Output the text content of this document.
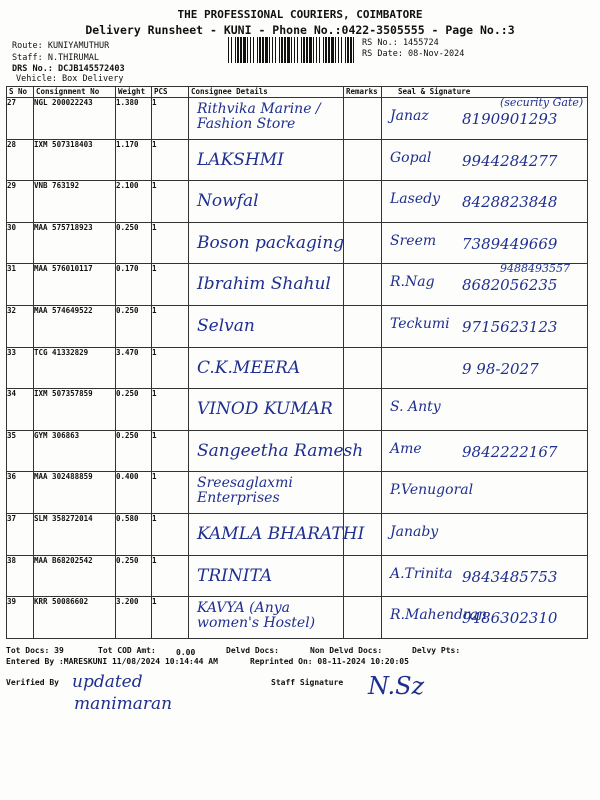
THE PROFESSIONAL COURIERS, COIMBATORE
Delivery Runsheet - KUNI - Phone No.:0422-3505555 - Page No.:3
Route: KUNIYAMUTHUR
Staff: N.THIRUMAL
DRS No.: DCJB145572403
Vehicle: Box Delivery
RS No.: 1455724
RS Date: 08-Nov-2024
S No	Consignment No	Weight	PCS	Consignee Details	Remarks	Seal & Signature
27	NGL 200022243	1.380	1	Rithvika Marine / Fashion Store		Janaz 8190901293
(security Gate)

28	IXM 507318403	1.170	1	LAKSHMI		Gopal 9944284277

29	VNB 763192	2.100	1	Nowfal		Lasedy 8428823848

30	MAA 575718923	0.250	1	Boson packaging		Sreem 7389449669

31	MAA 576010117	0.170	1	Ibrahim Shahul		R.Nag 8682056235
9488493557

32	MAA 574649522	0.250	1	Selvan		Teckumi 9715623123

33	TCG 41332829	3.470	1	C.K.MEERA		9 98-2027

34	IXM 507357859	0.250	1	VINOD KUMAR		S. Anty

35	GYM 306863	0.250	1	Sangeetha Ramesh		Ame 9842222167

36	MAA 302488859	0.400	1	Sreesaglaxmi Enterprises		P.Venugoral

37	SLM 358272014	0.580	1	KAMLA BHARATHI		Janaby

38	MAA B68202542	0.250	1	TRINITA		A.Trinita 9843485753

39	KRR 50086602	3.200	1	KAVYA (Anya women's Hostel)		R.Mahendran
9486302310
Tot Docs: 39	Tot COD Amt:	0.00	Delvd Docs:	Non Delvd Docs:	Delvy Pts:
Entered By :MARESKUNI 11/08/2024 10:14:44 AM	Reprinted On: 08-11-2024 10:20:05
Verified By updated
manimaran
Staff Signature N.Sz
